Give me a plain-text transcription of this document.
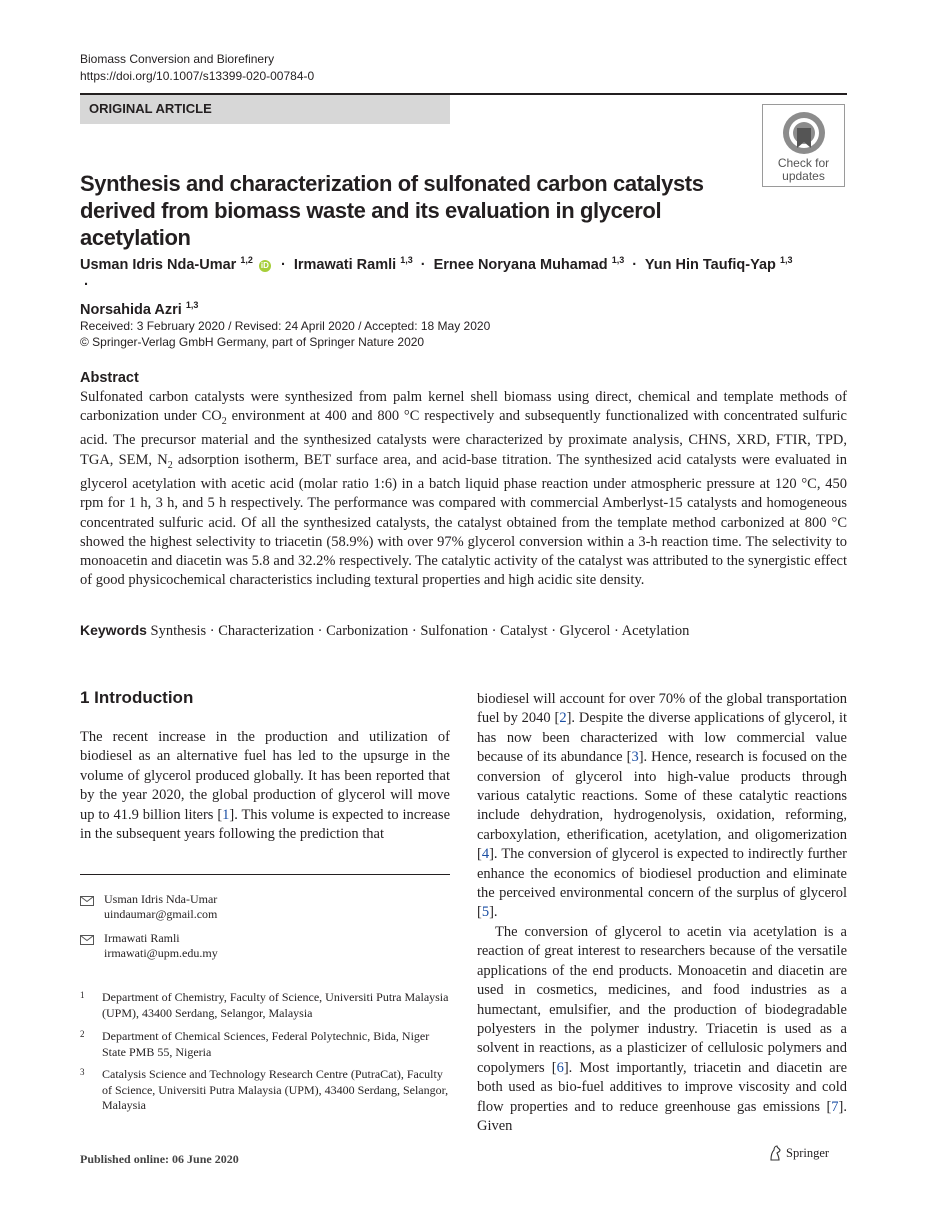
Biomass Conversion and Biorefinery
https://doi.org/10.1007/s13399-020-00784-0
ORIGINAL ARTICLE
Check for
updates
Synthesis and characterization of sulfonated carbon catalysts derived from biomass waste and its evaluation in glycerol acetylation
Usman Idris Nda-Umar $^{1,2}$ iD · Irmawati Ramli $^{1,3}$ · Ernee Noryana Muhamad $^{1,3}$ · Yun Hin Taufiq-Yap $^{1,3}$ ·
Norsahida Azri $^{1,3}$
Received: 3 February 2020 / Revised: 24 April 2020 / Accepted: 18 May 2020
© Springer-Verlag GmbH Germany, part of Springer Nature 2020
Abstract
Sulfonated carbon catalysts were synthesized from palm kernel shell biomass using direct, chemical and template methods of carbonization under $CO_2$ environment at 400 and 800 °C respectively and subsequently functionalized with concentrated sulfuric acid. The precursor material and the synthesized catalysts were characterized by proximate analysis, CHNS, XRD, FTIR, TPD, TGA, SEM, $N_2$ adsorption isotherm, BET surface area, and acid-base titration. The synthesized acid catalysts were evaluated in glycerol acetylation with acetic acid (molar ratio 1:6) in a batch liquid phase reaction under atmospheric pressure at 120 °C, 450 rpm for 1 h, 3 h, and 5 h respectively. The performance was compared with commercial Amberlyst-15 catalysts and homogeneous concentrated sulfuric acid. Of all the synthesized catalysts, the catalyst obtained from the template method carbonized at 800 °C showed the highest selectivity to triacetin (58.9%) with over 97% glycerol conversion within a 3-h reaction time. The selectivity to monoacetin and diacetin was 5.8 and 32.2% respectively. The catalytic activity of the catalyst was attributed to the synergistic effect of good physicochemical characteristics including textural properties and high acidic site density.
Keywords Synthesis · Characterization · Carbonization · Sulfonation · Catalyst · Glycerol · Acetylation
1 Introduction
The recent increase in the production and utilization of biodiesel as an alternative fuel has led to the upsurge in the volume of glycerol produced globally. It has been reported that by the year 2020, the global production of glycerol will move up to 41.9 billion liters [1]. This volume is expected to increase in the subsequent years following the prediction that

biodiesel will account for over 70% of the global transportation fuel by 2040 [2]. Despite the diverse applications of glycerol, it has now been characterized with low commercial value because of its abundance [3]. Hence, research is focused on the conversion of glycerol into high-value products through various catalytic reactions. Some of these catalytic reactions include dehydration, hydrogenolysis, oxidation, reforming, carboxylation, etherification, acetylation, and oligomerization [4]. The conversion of glycerol is expected to indirectly further enhance the economics of biodiesel production and eliminate the perceived environmental concern of the surplus of glycerol [5].

The conversion of glycerol to acetin via acetylation is a reaction of great interest to researchers because of the versatile applications of the end products. Monoacetin and diacetin are used in cosmetics, medicines, and food industries as a humectant, emulsifier, and the production of biodegradable polyesters in the polymer industry. Triacetin is used as a solvent in reactions, as a plasticizer of cellulosic polymers and copolymers [6]. Most importantly, triacetin and diacetin are both used as bio-fuel additives to improve viscosity and cold flow properties and to reduce greenhouse gas emissions [7]. Given

Usman Idris Nda-Umar
uindaumar@gmail.com
Irmawati Ramli
irmawati@upm.edu.my
1 Department of Chemistry, Faculty of Science, Universiti Putra Malaysia (UPM), 43400 Serdang, Selangor, Malaysia
2 Department of Chemical Sciences, Federal Polytechnic, Bida, Niger State PMB 55, Nigeria
3 Catalysis Science and Technology Research Centre (PutraCat), Faculty of Science, Universiti Putra Malaysia (UPM), 43400 Serdang, Selangor, Malaysia
Published online: 06 June 2020	Springer
